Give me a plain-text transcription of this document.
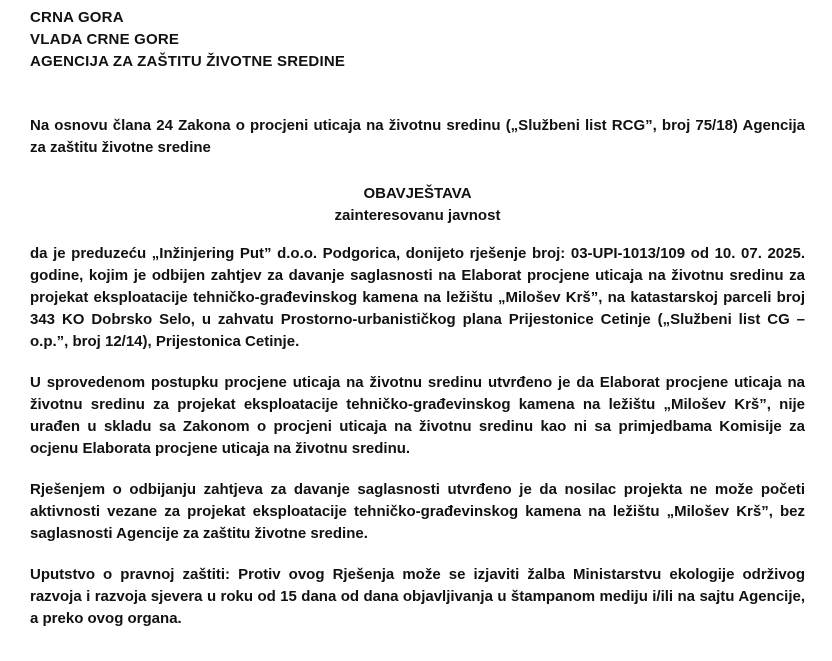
CRNA GORA
VLADA CRNE GORE
AGENCIJA ZA ZAŠTITU ŽIVOTNE SREDINE

Na osnovu člana 24 Zakona o procjeni uticaja na životnu sredinu („Službeni list RCG”, broj 75/18) Agencija za zaštitu životne sredine

OBAVJEŠTAVA
zainteresovanu javnost

da je preduzeću „Inžinjering Put” d.o.o. Podgorica, donijeto rješenje broj: 03-UPI-1013/109 od 10. 07. 2025. godine, kojim je odbijen zahtjev za davanje saglasnosti na Elaborat procjene uticaja na životnu sredinu za projekat eksploatacije tehničko-građevinskog kamena na ležištu „Milošev Krš”, na katastarskoj parceli broj 343 KO Dobrsko Selo, u zahvatu Prostorno-urbanističkog plana Prijestonice Cetinje („Službeni list CG – o.p.”, broj 12/14), Prijestonica Cetinje.

U sprovedenom postupku procjene uticaja na životnu sredinu utvrđeno je da Elaborat procjene uticaja na životnu sredinu za projekat eksploatacije tehničko-građevinskog kamena na ležištu „Milošev Krš”, nije urađen u skladu sa Zakonom o procjeni uticaja na životnu sredinu kao ni sa primjedbama Komisije za ocjenu Elaborata procjene uticaja na životnu sredinu.

Rješenjem o odbijanju zahtjeva za davanje saglasnosti utvrđeno je da nosilac projekta ne može početi aktivnosti vezane za projekat eksploatacije tehničko-građevinskog kamena na ležištu „Milošev Krš”, bez saglasnosti Agencije za zaštitu životne sredine.

Uputstvo o pravnoj zaštiti: Protiv ovog Rješenja može se izjaviti žalba Ministarstvu ekologije održivog razvoja i razvoja sjevera u roku od 15 dana od dana objavljivanja u štampanom mediju i/ili na sajtu Agencije, a preko ovog organa.
